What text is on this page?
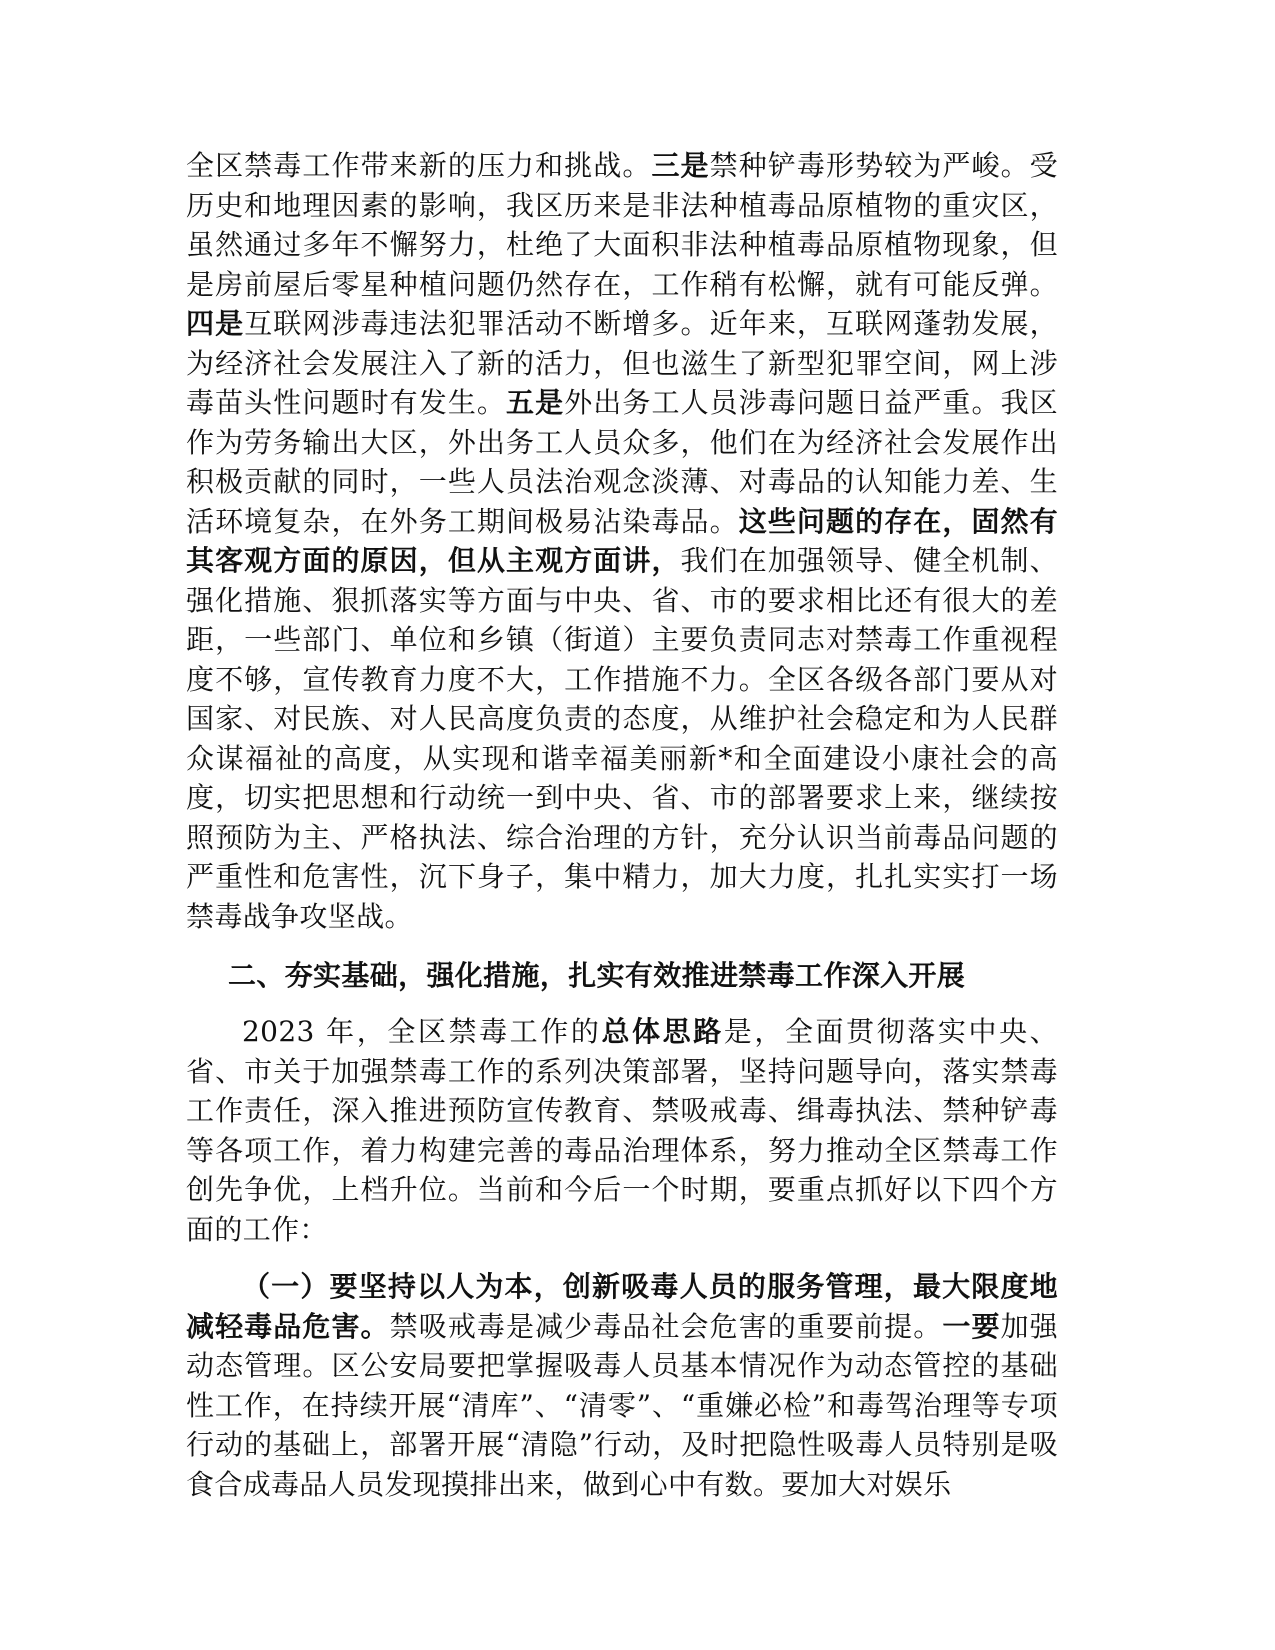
全区禁毒工作带来新的压力和挑战。三是禁种铲毒形势较为严峻。受历史和地理因素的影响，我区历来是非法种植毒品原植物的重灾区，虽然通过多年不懈努力，杜绝了大面积非法种植毒品原植物现象，但是房前屋后零星种植问题仍然存在，工作稍有松懈，就有可能反弹。四是互联网涉毒违法犯罪活动不断增多。近年来，互联网蓬勃发展，为经济社会发展注入了新的活力，但也滋生了新型犯罪空间，网上涉毒苗头性问题时有发生。五是外出务工人员涉毒问题日益严重。我区作为劳务输出大区，外出务工人员众多，他们在为经济社会发展作出积极贡献的同时，一些人员法治观念淡薄、对毒品的认知能力差、生活环境复杂，在外务工期间极易沾染毒品。这些问题的存在，固然有其客观方面的原因，但从主观方面讲，我们在加强领导、健全机制、强化措施、狠抓落实等方面与中央、省、市的要求相比还有很大的差距，一些部门、单位和乡镇（街道）主要负责同志对禁毒工作重视程度不够，宣传教育力度不大，工作措施不力。全区各级各部门要从对国家、对民族、对人民高度负责的态度，从维护社会稳定和为人民群众谋福祉的高度，从实现和谐幸福美丽新*和全面建设小康社会的高度，切实把思想和行动统一到中央、省、市的部署要求上来，继续按照预防为主、严格执法、综合治理的方针，充分认识当前毒品问题的严重性和危害性，沉下身子，集中精力，加大力度，扎扎实实打一场禁毒战争攻坚战。

二、夯实基础，强化措施，扎实有效推进禁毒工作深入开展

2023 年，全区禁毒工作的总体思路是，全面贯彻落实中央、省、市关于加强禁毒工作的系列决策部署，坚持问题导向，落实禁毒工作责任，深入推进预防宣传教育、禁吸戒毒、缉毒执法、禁种铲毒等各项工作，着力构建完善的毒品治理体系，努力推动全区禁毒工作创先争优，上档升位。当前和今后一个时期，要重点抓好以下四个方面的工作：

（一）要坚持以人为本，创新吸毒人员的服务管理，最大限度地减轻毒品危害。禁吸戒毒是减少毒品社会危害的重要前提。一要加强动态管理。区公安局要把掌握吸毒人员基本情况作为动态管控的基础性工作，在持续开展“清库”、“清零”、“重嫌必检”和毒驾治理等专项行动的基础上，部署开展“清隐”行动，及时把隐性吸毒人员特别是吸食合成毒品人员发现摸排出来，做到心中有数。要加大对娱乐
